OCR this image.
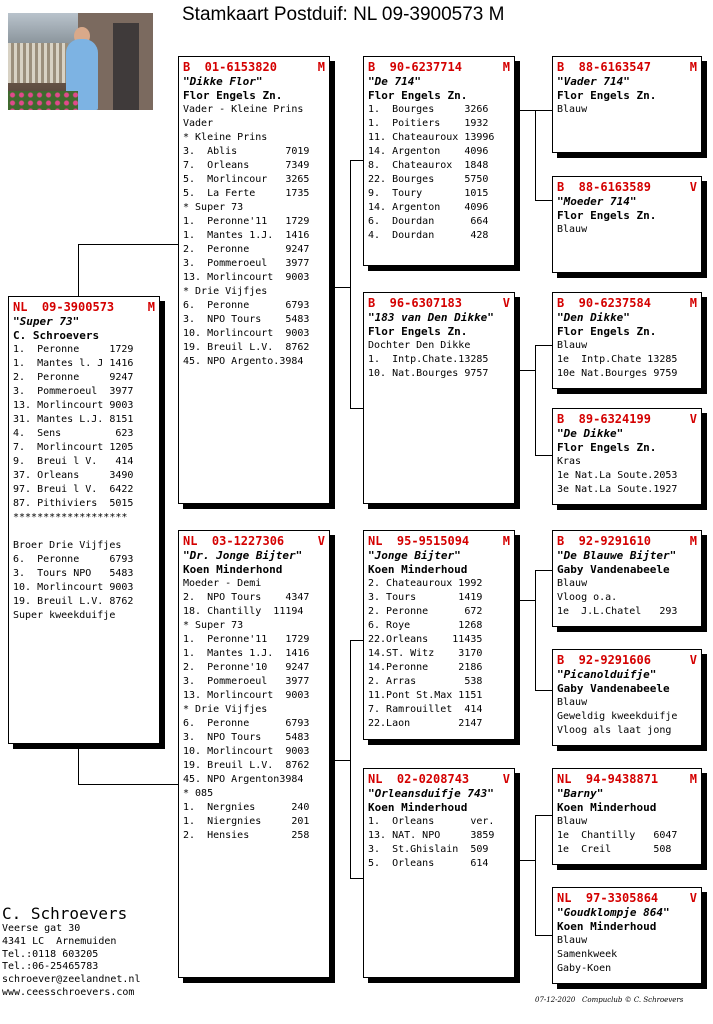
Stamkaart Postduif: NL 09-3900573 M
NL  09-3900573	M
"Super 73"
C. Schroevers
1.  Peronne     1729
1.  Mantes l. J 1416
2.  Peronne     9247
3.  Pommeroeul  3977
13. Morlincourt 9003
31. Mantes L.J. 8151
4.  Sens         623
7.  Morlincourt 1205
9.  Breui l V.   414
37. Orleans     3490
97. Breui l V.  6422
87. Pithiviers  5015
*******************

Broer Drie Vijfjes
6.  Peronne     6793
3.  Tours NPO   5483
10. Morlincourt 9003
19. Breuil L.V. 8762
Super kweekduifje
B  01-6153820	M
"Dikke Flor"
Flor Engels Zn.
Vader - Kleine Prins
Vader
* Kleine Prins
3.  Ablis        7019
7.  Orleans      7349
5.  Morlincour   3265
5.  La Ferte     1735
* Super 73
1.  Peronne'11   1729
1.  Mantes 1.J.  1416
2.  Peronne      9247
3.  Pommeroeul   3977
13. Morlincourt  9003
* Drie Vijfjes
6.  Peronne      6793
3.  NPO Tours    5483
10. Morlincourt  9003
19. Breuil L.V.  8762
45. NPO Argento.3984
NL  03-1227306	V
"Dr. Jonge Bijter"
Koen Minderhond
Moeder - Demi
2.  NPO Tours    4347
18. Chantilly  11194
* Super 73
1.  Peronne'11   1729
1.  Mantes 1.J.  1416
2.  Peronne'10   9247
3.  Pommeroeul   3977
13. Morlincourt  9003
* Drie Vijfjes
6.  Peronne      6793
3.  NPO Tours    5483
10. Morlincourt  9003
19. Breuil L.V.  8762
45. NPO Argenton3984
* 085
1.  Nergnies      240
1.  Niergnies     201
2.  Hensies       258
B  90-6237714	M
"De 714"
Flor Engels Zn.
1.  Bourges     3266
1.  Poitiers    1932
11. Chateauroux 13996
14. Argenton    4096
8.  Chateaurox  1848
22. Bourges     5750
9.  Toury       1015
14. Argenton    4096
6.  Dourdan      664
4.  Dourdan      428
B  96-6307183	V
"183 van Den Dikke"
Flor Engels Zn.
Dochter Den Dikke
1.  Intp.Chate.13285
10. Nat.Bourges 9757
NL  95-9515094	M
"Jonge Bijter"
Koen Minderhoud
2. Chateauroux 1992
3. Tours       1419
2. Peronne      672
6. Roye        1268
22.Orleans    11435
14.ST. Witz    3170
14.Peronne     2186
2. Arras        538
11.Pont St.Max 1151
7. Ramrouillet  414
22.Laon        2147
NL  02-0208743	V
"Orleansduifje 743"
Koen Minderhoud
1.  Orleans      ver.
13. NAT. NPO     3859
3.  St.Ghislain  509
5.  Orleans      614
B  88-6163547	M
"Vader 714"
Flor Engels Zn.
Blauw
B  88-6163589	V
"Moeder 714"
Flor Engels Zn.
Blauw
B  90-6237584	M
"Den Dikke"
Flor Engels Zn.
Blauw
1e  Intp.Chate 13285
10e Nat.Bourges 9759
B  89-6324199	V
"De Dikke"
Flor Engels Zn.
Kras
1e Nat.La Soute.2053
3e Nat.La Soute.1927
B  92-9291610	M
"De Blauwe Bijter"
Gaby Vandenabeele
Blauw
Vloog o.a.
1e  J.L.Chatel   293
B  92-9291606	V
"Picanolduifje"
Gaby Vandenabeele
Blauw
Geweldig kweekduifje
Vloog als laat jong
NL  94-9438871	M
"Barny"
Koen Minderhoud
Blauw
1e  Chantilly   6047
1e  Creil       508
NL  97-3305864	V
"Goudklompje 864"
Koen Minderhoud
Blauw
Samenkweek
Gaby-Koen
C. Schroevers
Veerse gat 30
4341 LC  Arnemuiden
Tel.:0118 603205
Tel.:06-25465783
schroever@zeelandnet.nl
www.ceesschroevers.com
07-12-2020   Compuclub © C. Schroevers
